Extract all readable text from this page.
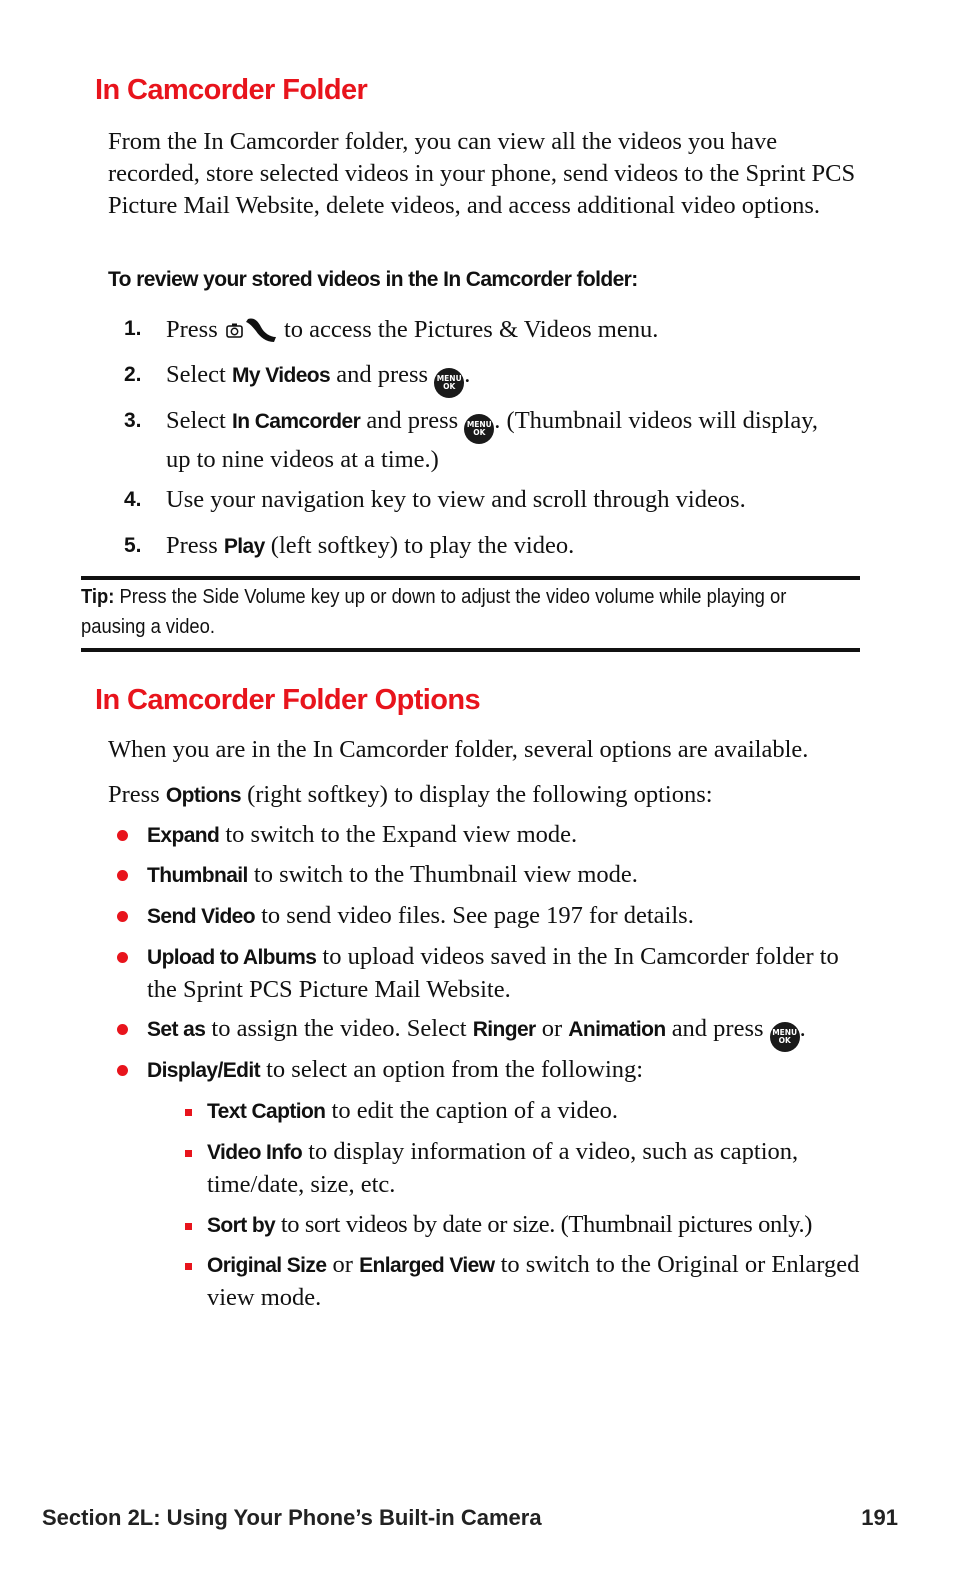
In Camcorder Folder

From the In Camcorder folder, you can view all the videos you have recorded, store selected videos in your phone, send videos to the Sprint PCS Picture Mail Website, delete videos, and access additional video options.

To review your stored videos in the In Camcorder folder:

1. Press	to access the Pictures & Videos menu.
2. Select My Videos and press MENU
OK .
3. Select In Camcorder and press MENU
OK . (Thumbnail videos will display, up to nine videos at a time.)
4. Use your navigation key to view and scroll through videos.
5. Press Play (left softkey) to play the video.
Tip: Press the Side Volume key up or down to adjust the video volume while playing or pausing a video.
In Camcorder Folder Options

When you are in the In Camcorder folder, several options are available.

Press Options (right softkey) to display the following options:

Expand to switch to the Expand view mode.
Thumbnail to switch to the Thumbnail view mode.
Send Video to send video files. See page 197 for details.
Upload to Albums to upload videos saved in the In Camcorder folder to the Sprint PCS Picture Mail Website.
Set as to assign the video. Select Ringer or Animation and press MENU
OK .
Display/Edit to select an option from the following:
Text Caption to edit the caption of a video.
Video Info to display information of a video, such as caption, time/date, size, etc.
Sort by to sort videos by date or size. (Thumbnail pictures only.)
Original Size or Enlarged View to switch to the Original or Enlarged view mode.
Section 2L: Using Your Phone’s Built-in Camera	191
